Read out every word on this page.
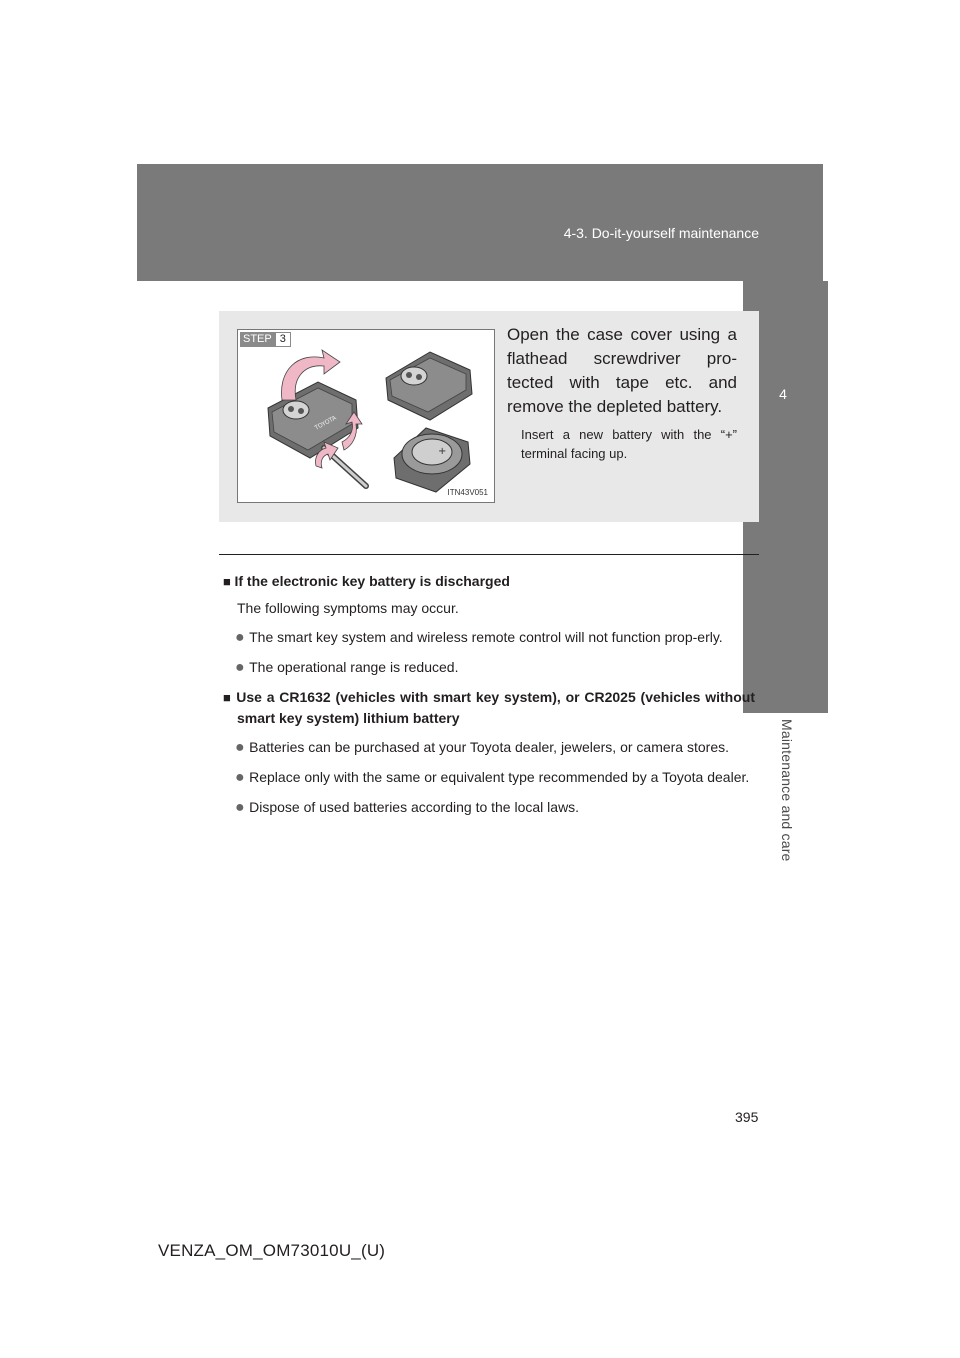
4-3. Do-it-yourself maintenance
4
Maintenance and care
TOYOTA
+
STEP 3
ITN43V051

Open the case cover using a flathead screwdriver pro-tected with tape etc. and remove the depleted battery.

Insert a new battery with the “+” terminal facing up.

■ If the electronic key battery is discharged

The following symptoms may occur.

● The smart key system and wireless remote control will not function prop-erly.

● The operational range is reduced.

■ Use a CR1632 (vehicles with smart key system), or CR2025 (vehicles without smart key system) lithium battery

● Batteries can be purchased at your Toyota dealer, jewelers, or camera stores.

● Replace only with the same or equivalent type recommended by a Toyota dealer.

● Dispose of used batteries according to the local laws.

395
VENZA_OM_OM73010U_(U)
